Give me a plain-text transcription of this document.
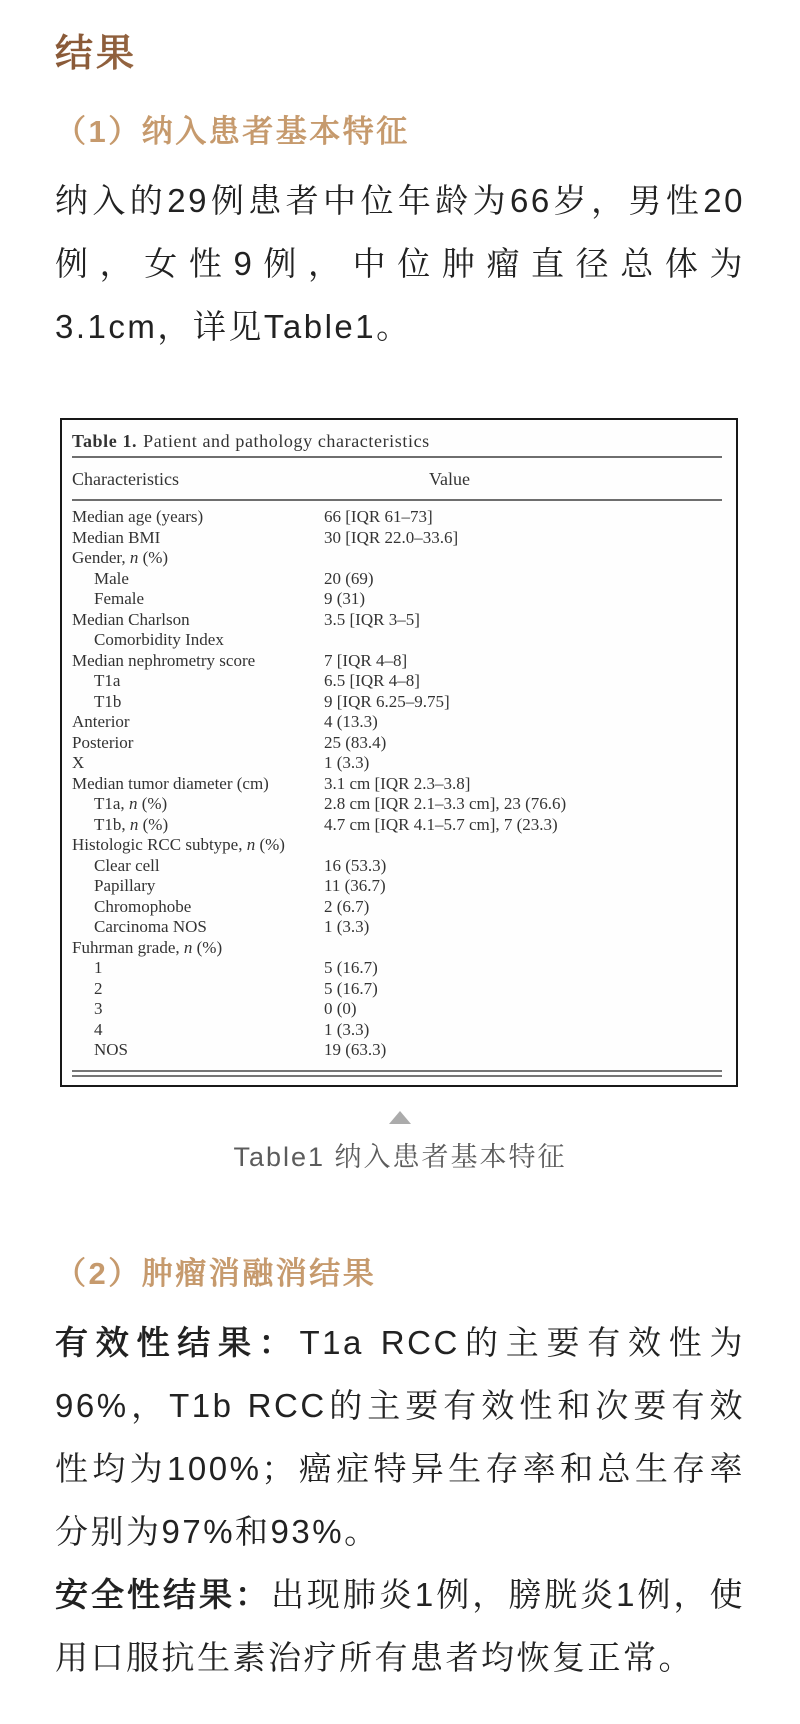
结果
（1）纳入患者基本特征

纳入的29例患者中位年龄为66岁，男性20例，女性9例，中位肿瘤直径总体为3.1cm，详见Table1。

Table 1. Patient and pathology characteristics
Characteristics	Value
Median age (years)	66 [IQR 61–73]
Median BMI	30 [IQR 22.0–33.6]
Gender, n (%)
Male	20 (69)
Female	9 (31)
Median Charlson	3.5 [IQR 3–5]
Comorbidity Index
Median nephrometry score	7 [IQR 4–8]
T1a	6.5 [IQR 4–8]
T1b	9 [IQR 6.25–9.75]
Anterior	4 (13.3)
Posterior	25 (83.4)
X	1 (3.3)
Median tumor diameter (cm)	3.1 cm [IQR 2.3–3.8]
T1a, n (%)	2.8 cm [IQR 2.1–3.3 cm], 23 (76.6)
T1b, n (%)	4.7 cm [IQR 4.1–5.7 cm], 7 (23.3)
Histologic RCC subtype, n (%)
Clear cell	16 (53.3)
Papillary	11 (36.7)
Chromophobe	2 (6.7)
Carcinoma NOS	1 (3.3)
Fuhrman grade, n (%)
1	5 (16.7)
2	5 (16.7)
3	0 (0)
4	1 (3.3)
NOS	19 (63.3)
Table1 纳入患者基本特征
（2）肿瘤消融消结果

有效性结果：T1a RCC的主要有效性为96%，T1b RCC的主要有效性和次要有效性均为100%；癌症特异生存率和总生存率分别为97%和93%。

安全性结果：出现肺炎1例，膀胱炎1例，使用口服抗生素治疗所有患者均恢复正常。
